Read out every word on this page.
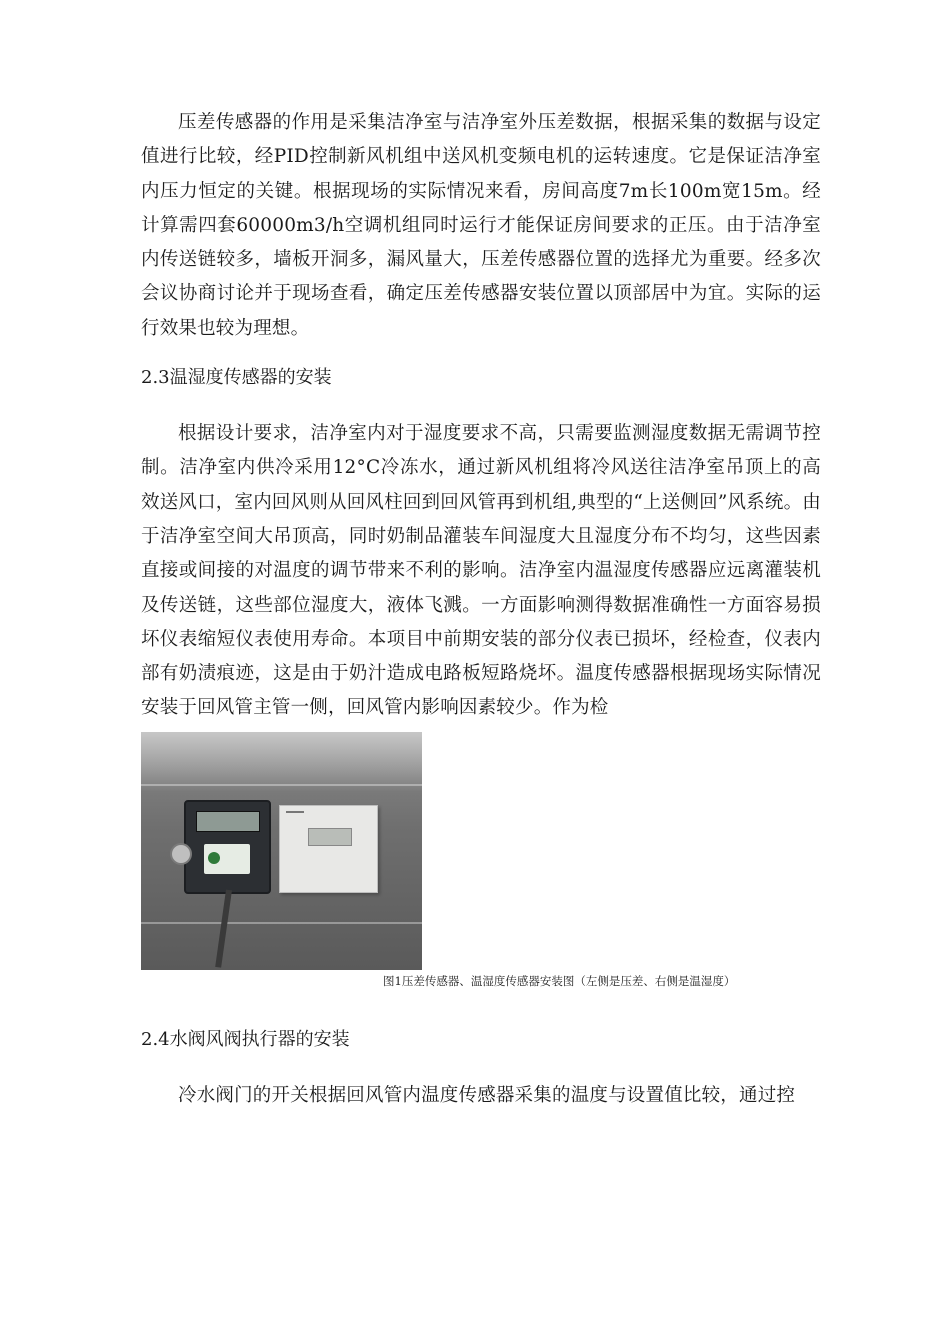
压差传感器的作用是采集洁净室与洁净室外压差数据，根据采集的数据与设定值进行比较，经PID控制新风机组中送风机变频电机的运转速度。它是保证洁净室内压力恒定的关键。根据现场的实际情况来看，房间高度7m长100m宽15m。经计算需四套60000m3/h空调机组同时运行才能保证房间要求的正压。由于洁净室内传送链较多，墙板开洞多，漏风量大，压差传感器位置的选择尤为重要。经多次会议协商讨论并于现场查看，确定压差传感器安装位置以顶部居中为宜。实际的运行效果也较为理想。

2.3温湿度传感器的安装

根据设计要求，洁净室内对于湿度要求不高，只需要监测湿度数据无需调节控制。洁净室内供冷采用12°C冷冻水，通过新风机组将冷风送往洁净室吊顶上的高效送风口，室内回风则从回风柱回到回风管再到机组,典型的“上送侧回”风系统。由于洁净室空间大吊顶高，同时奶制品灌装车间湿度大且湿度分布不均匀，这些因素直接或间接的对温度的调节带来不利的影响。洁净室内温湿度传感器应远离灌装机及传送链，这些部位湿度大，液体飞溅。一方面影响测得数据准确性一方面容易损坏仪表缩短仪表使用寿命。本项目中前期安装的部分仪表已损坏，经检查，仪表内部有奶渍痕迹，这是由于奶汁造成电路板短路烧坏。温度传感器根据现场实际情况安装于回风管主管一侧，回风管内影响因素较少。作为检

图1压差传感器、温湿度传感器安装图（左侧是压差、右侧是温湿度）

2.4水阀风阀执行器的安装

冷水阀门的开关根据回风管内温度传感器采集的温度与设置值比较，通过控
